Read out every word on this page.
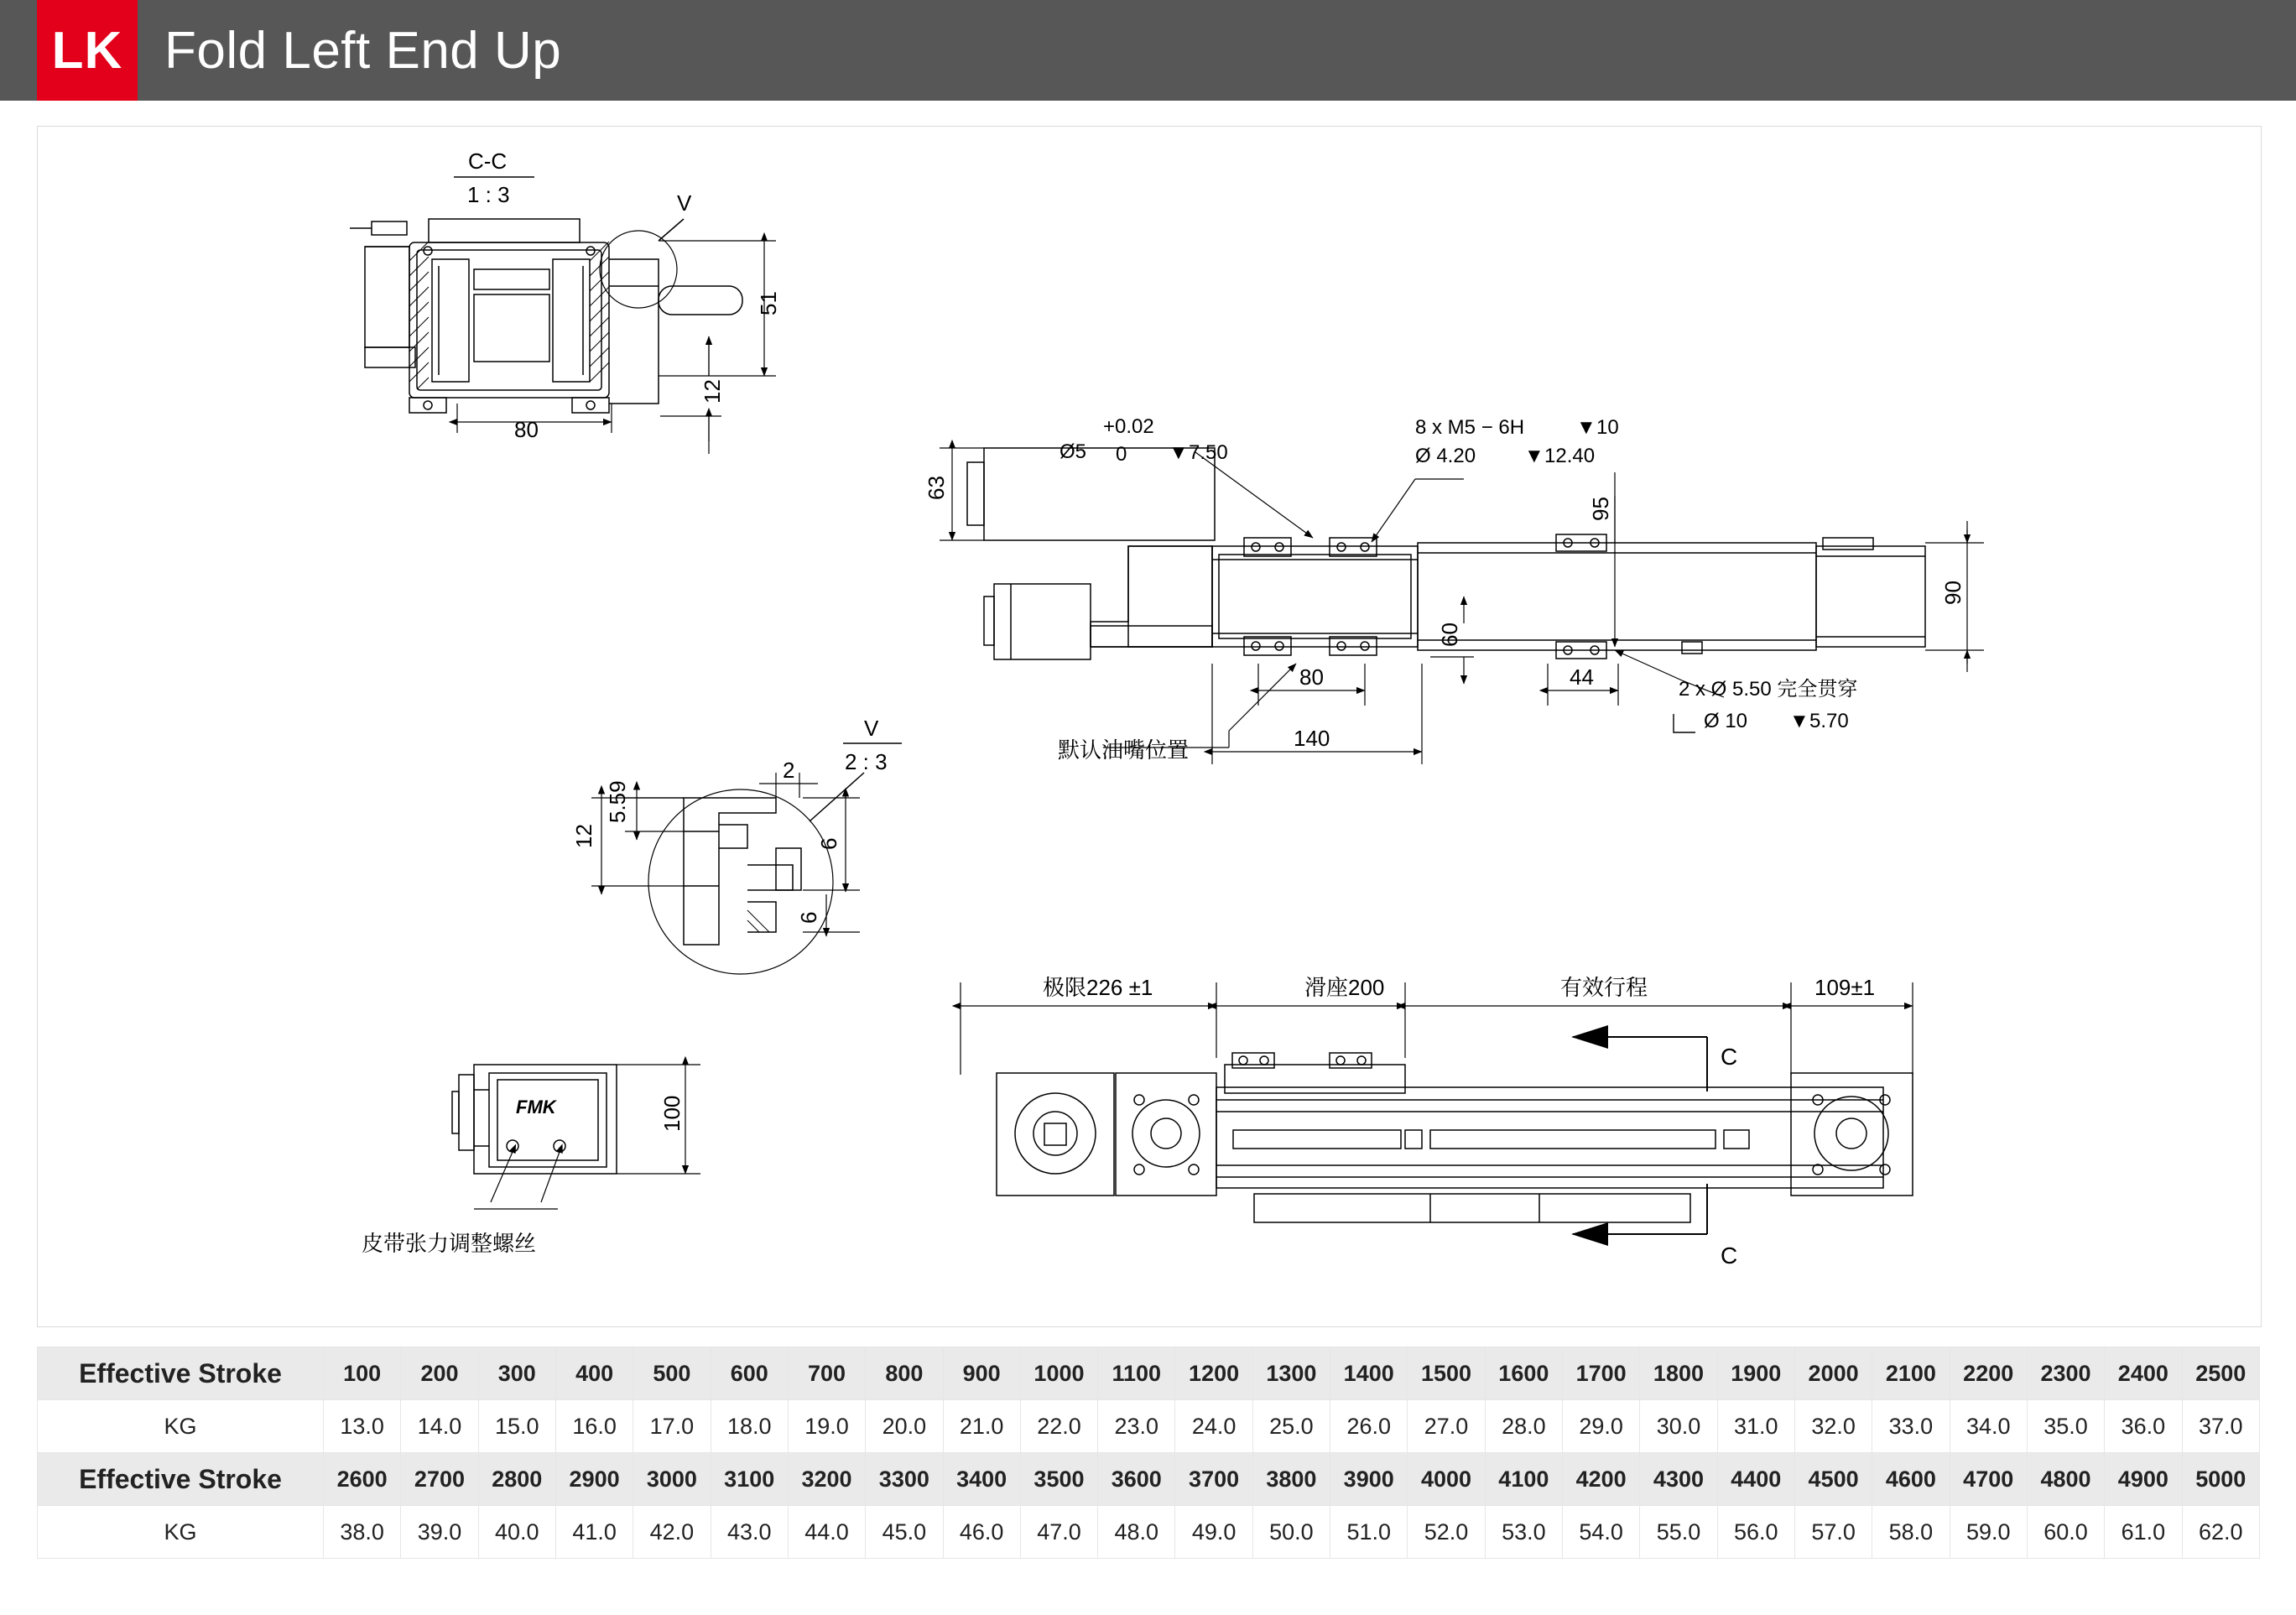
LK Fold Left End Up
FMK
C-C
1 : 3	V
V
2 : 3
80
51
12
2
5.59
12	6
6
63
95
90
60
80	44
140
100
+0.02
Ø5 0 ▼ 7.50
8 x M5 − 6H	▼ 10
Ø 4.20 ▼ 12.40
2 x Ø 5.50 完全贯穿
Ø 10 ▼ 5.70
默认油嘴位置
皮带张力调整螺丝
极限226 ±1	滑座200	有效行程	109±1
C
C
Effective Stroke	100	200	300	400	500	600	700	800	900	1000	1100	1200	1300	1400	1500	1600	1700	1800	1900	2000	2100	2200	2300	2400	2500
KG	13.0	14.0	15.0	16.0	17.0	18.0	19.0	20.0	21.0	22.0	23.0	24.0	25.0	26.0	27.0	28.0	29.0	30.0	31.0	32.0	33.0	34.0	35.0	36.0	37.0
Effective Stroke	2600	2700	2800	2900	3000	3100	3200	3300	3400	3500	3600	3700	3800	3900	4000	4100	4200	4300	4400	4500	4600	4700	4800	4900	5000
KG	38.0	39.0	40.0	41.0	42.0	43.0	44.0	45.0	46.0	47.0	48.0	49.0	50.0	51.0	52.0	53.0	54.0	55.0	56.0	57.0	58.0	59.0	60.0	61.0	62.0
